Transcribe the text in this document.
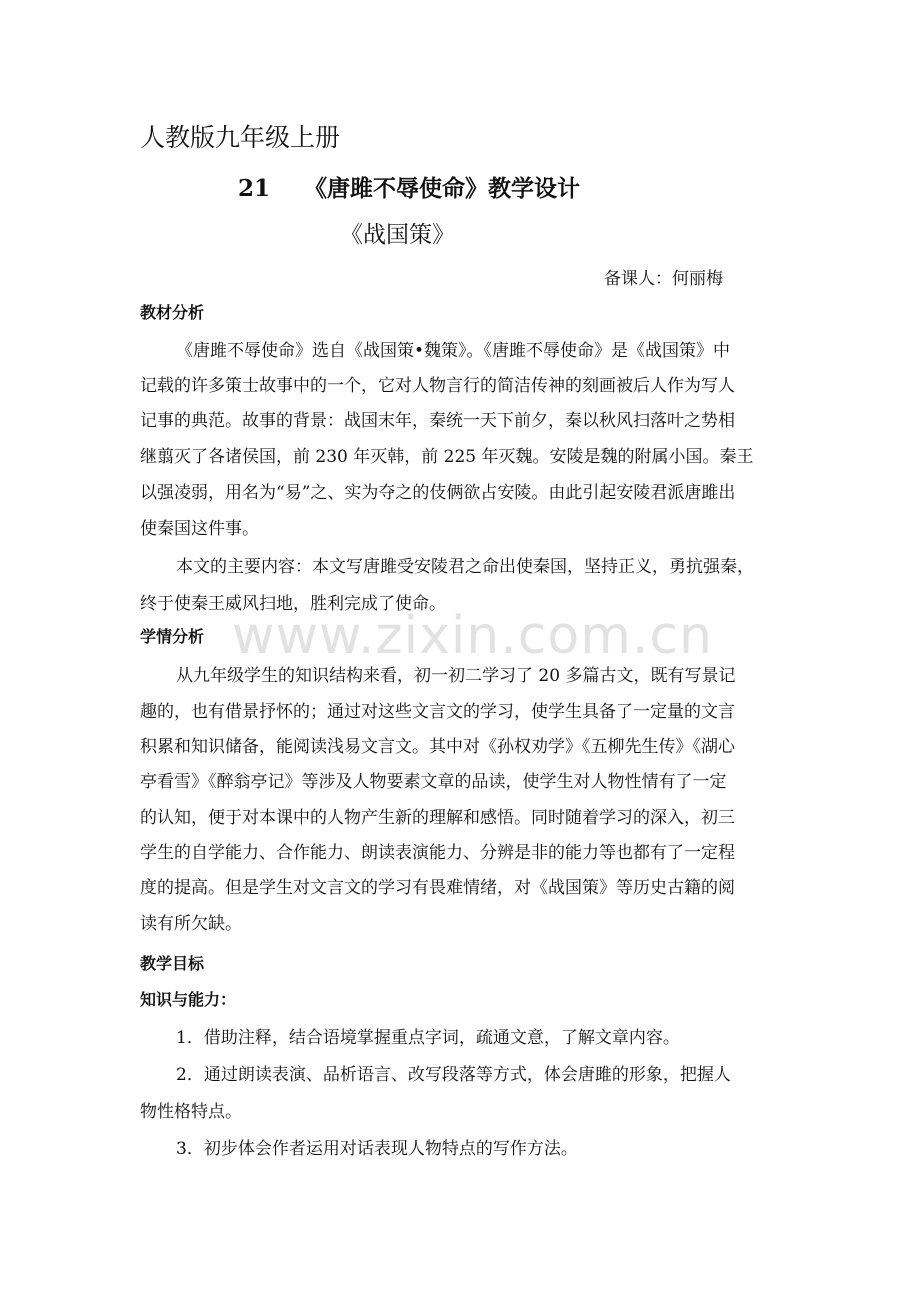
www.zixin.com.cn
人教版九年级上册
21 《唐雎不辱使命》教学设计
《战国策》
备课人：何丽梅
教材分析
《唐雎不辱使命》选自《战国策•魏策》。《唐雎不辱使命》是《战国策》中
记载的许多策士故事中的一个，它对人物言行的简洁传神的刻画被后人作为写人
记事的典范。故事的背景：战国末年，秦统一天下前夕，秦以秋风扫落叶之势相
继翦灭了各诸侯国，前 230 年灭韩，前 225 年灭魏。安陵是魏的附属小国。秦王
以强凌弱，用名为“易”之、实为夺之的伎俩欲占安陵。由此引起安陵君派唐雎出
使秦国这件事。
本文的主要内容：本文写唐雎受安陵君之命出使秦国，坚持正义，勇抗强秦，
终于使秦王威风扫地，胜利完成了使命。
学情分析
从九年级学生的知识结构来看，初一初二学习了 20 多篇古文，既有写景记
趣的，也有借景抒怀的；通过对这些文言文的学习，使学生具备了一定量的文言
积累和知识储备，能阅读浅易文言文。其中对《孙权劝学》《五柳先生传》《湖心
亭看雪》《醉翁亭记》等涉及人物要素文章的品读，使学生对人物性情有了一定
的认知，便于对本课中的人物产生新的理解和感悟。同时随着学习的深入，初三
学生的自学能力、合作能力、朗读表演能力、分辨是非的能力等也都有了一定程
度的提高。但是学生对文言文的学习有畏难情绪，对《战国策》等历史古籍的阅
读有所欠缺。
教学目标
知识与能力：
1．借助注释，结合语境掌握重点字词，疏通文意，了解文章内容。
2．通过朗读表演、品析语言、改写段落等方式，体会唐雎的形象，把握人
物性格特点。
3．初步体会作者运用对话表现人物特点的写作方法。
